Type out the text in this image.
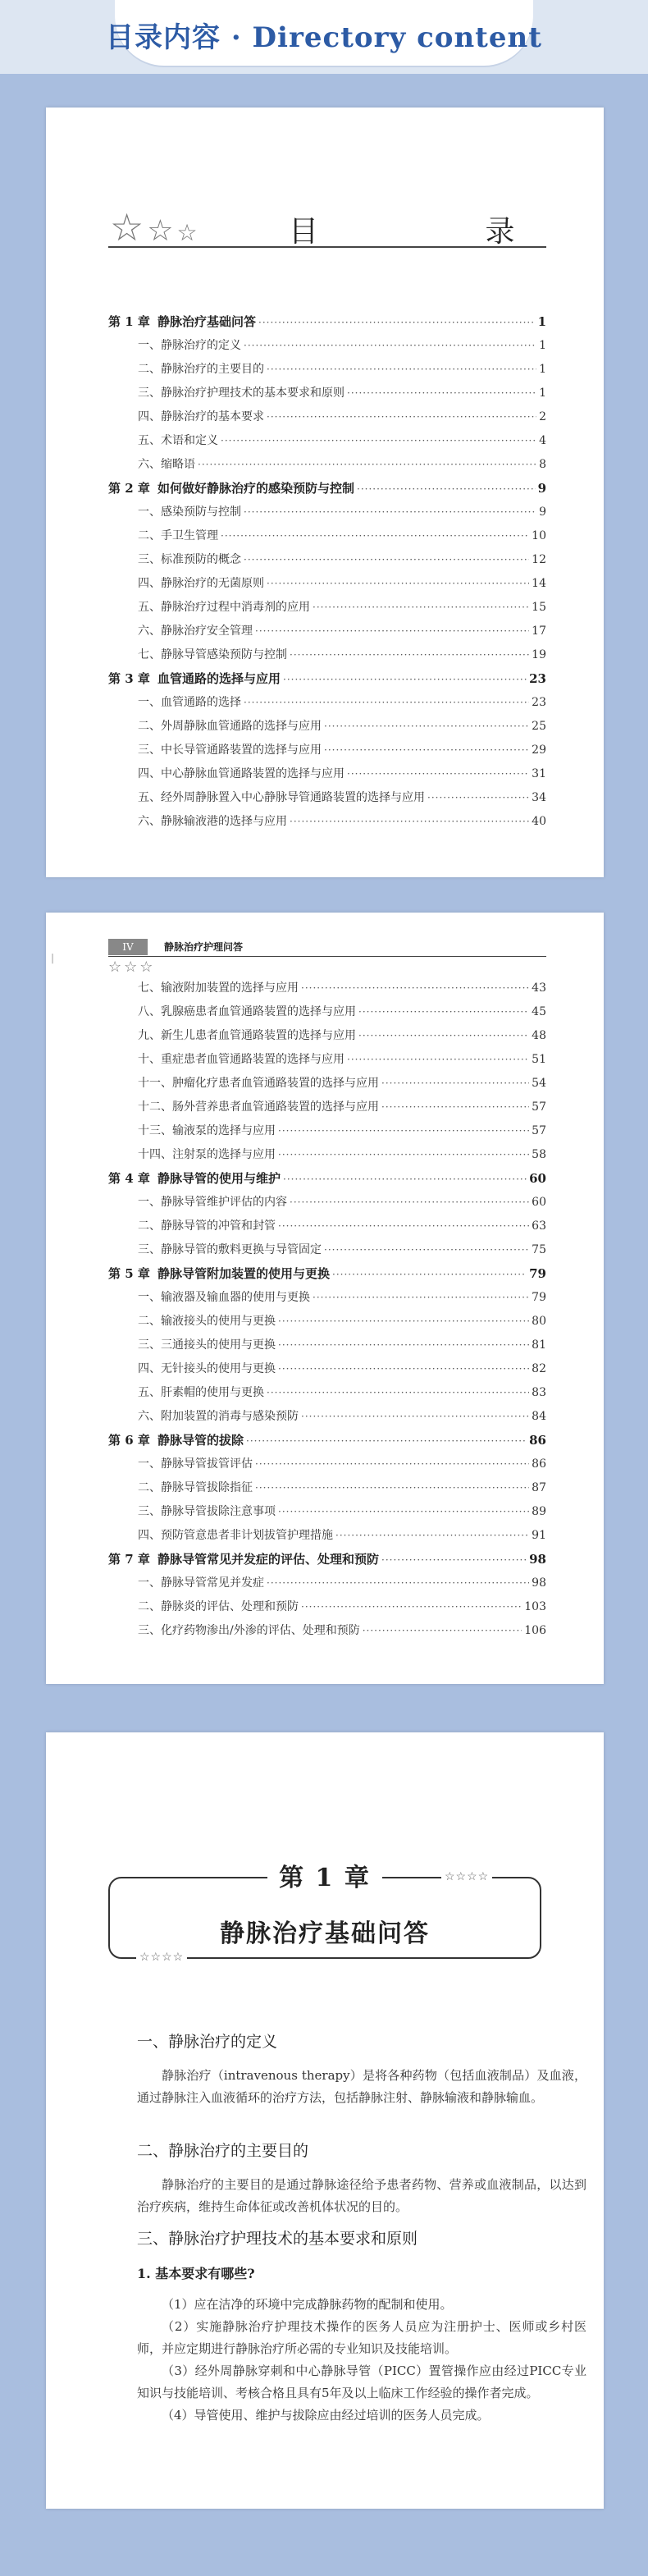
目录内容 · Directory content
☆ ☆ ☆	目 录
第 1 章 静脉治疗基础问答 ·····	1
一、静脉治疗的定义 ·····	1
二、静脉治疗的主要目的 ·····	1
三、静脉治疗护理技术的基本要求和原则 ·····	1
四、静脉治疗的基本要求 ·····	2
五、术语和定义 ·····	4
六、缩略语 ·····	8
第 2 章 如何做好静脉治疗的感染预防与控制 ·····	9
一、感染预防与控制 ·····	9
二、手卫生管理 ·····	10
三、标准预防的概念 ·····	12
四、静脉治疗的无菌原则 ·····	14
五、静脉治疗过程中消毒剂的应用 ·····	15
六、静脉治疗安全管理 ·····	17
七、静脉导管感染预防与控制 ·····	19
第 3 章 血管通路的选择与应用 ·····	23
一、血管通路的选择 ·····	23
二、外周静脉血管通路的选择与应用 ·····	25
三、中长导管通路装置的选择与应用 ·····	29
四、中心静脉血管通路装置的选择与应用 ·····	31
五、经外周静脉置入中心静脉导管通路装置的选择与应用 ·····	34
六、静脉输液港的选择与应用 ·····	40
|
IV	静脉治疗护理问答
☆ ☆ ☆
七、输液附加装置的选择与应用 ·····	43
八、乳腺癌患者血管通路装置的选择与应用 ·····	45
九、新生儿患者血管通路装置的选择与应用 ·····	48
十、重症患者血管通路装置的选择与应用 ·····	51
十一、肿瘤化疗患者血管通路装置的选择与应用 ·····	54
十二、肠外营养患者血管通路装置的选择与应用 ·····	57
十三、输液泵的选择与应用 ·····	57
十四、注射泵的选择与应用 ·····	58
第 4 章 静脉导管的使用与维护 ·····	60
一、静脉导管维护评估的内容 ·····	60
二、静脉导管的冲管和封管 ·····	63
三、静脉导管的敷料更换与导管固定 ·····	75
第 5 章 静脉导管附加装置的使用与更换 ·····	79
一、输液器及输血器的使用与更换 ·····	79
二、输液接头的使用与更换 ·····	80
三、三通接头的使用与更换 ·····	81
四、无针接头的使用与更换 ·····	82
五、肝素帽的使用与更换 ·····	83
六、附加装置的消毒与感染预防 ·····	84
第 6 章 静脉导管的拔除 ·····	86
一、静脉导管拔管评估 ·····	86
二、静脉导管拔除指征 ·····	87
三、静脉导管拔除注意事项 ·····	89
四、预防管意患者非计划拔管护理措施 ·····	91
第 7 章 静脉导管常见并发症的评估、处理和预防 ·····	98
一、静脉导管常见并发症 ·····	98
二、静脉炎的评估、处理和预防 ·····	103
三、化疗药物渗出/外渗的评估、处理和预防 ·····	106
第 1 章	☆☆☆☆
静脉治疗基础问答
☆☆☆☆
一、静脉治疗的定义
静脉治疗（intravenous therapy）是将各种药物（包括血液制品）及血液，通过静脉注入血液循环的治疗方法，包括静脉注射、静脉输液和静脉输血。
二、静脉治疗的主要目的
静脉治疗的主要目的是通过静脉途径给予患者药物、营养或血液制品，以达到治疗疾病，维持生命体征或改善机体状况的目的。
三、静脉治疗护理技术的基本要求和原则
1. 基本要求有哪些?
（1）应在洁净的环境中完成静脉药物的配制和使用。
（2）实施静脉治疗护理技术操作的医务人员应为注册护士、医师或乡村医师，并应定期进行静脉治疗所必需的专业知识及技能培训。
（3）经外周静脉穿刺和中心静脉导管（PICC）置管操作应由经过PICC专业知识与技能培训、考核合格且具有5年及以上临床工作经验的操作者完成。
（4）导管使用、维护与拔除应由经过培训的医务人员完成。
